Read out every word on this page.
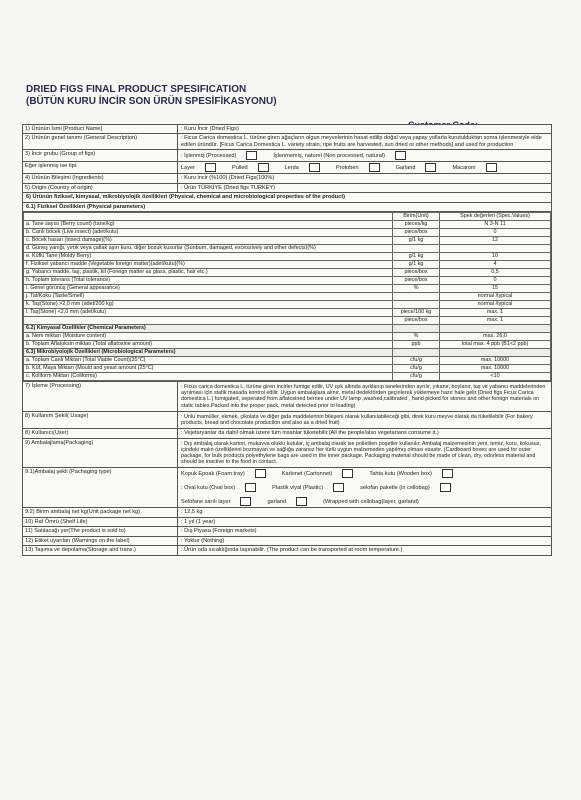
DRIED FIGS FINAL PRODUCT SPESIFICATION
(BÜTÜN KURU İNCİR SON ÜRÜN SPESİFİKASYONU)
1) Ürünün İsmi [Product Name]	: Kuru İncir (Dried Figs)
2) Ürünün genel tanımı (General Description)	: Ficus Carica domestica L. türüne giren ağaçların olgun meyvelerinin hasat edilip doğal veya yapay yollarla kurutulduktan sonra işlenmesiyle elde edilen üründür. [Ficus Carica Domestica L. variety strain, ripe fruits are harvested, sun dried or other methods] and used for production
3) İncir grubu (Group of figs)	: İşlenmiş (Processed)	İşlenmemiş, naturel (Non processed, natural)
Eğer işlenmiş ise tipi:	Layer	Pulled	Lerda	Protoben	Garland	Macaroni
4) Ürünün Bileşimi (Ingredients)	: Kuru incir (%100) (Dried Figs(100%)
5) Origin (Country of origin)	: Ürün TÜRKİYE (Dried figs TURKEY)
6) Ürünün fiziksel, kimyasal, mikrobiyolojik özellikleri (Physical, chemical and microbiological properties of the product)
6.1) Fiziksel Özellikleri (Physical parameters)
	Birim(Unit)	Spek değerleri (Spec.Values)
a. Tane sayısı (Berry count) (tane/kg)	pieces/kg	N 3-N 11
b. Canlı böcek (Live insect) (adet/kutu)	piece/box	0
c. Böcek hasarı (insect damage)(%)	g/1 kg	12
d. Güneş yanığı, yırtık veya çatlak aşırı kuru, diğer bozuk kusurlar (Sunburn, damaged, excessively and other defects)(%)		
e. Küflü Tane (Moldy Berry)	g/1 kg	10
f. Fiziksel yabancı madde (Vegetable foreign matter)(adet/kutu)(%)	g/1 kg	4
g. Yabancı madde, taş, plastik, kil (Foreign matter as glass, plastic, hair etc.)	piece/box	0,5
h. Toplam tolerans (Total tolerance)	piece/box	0
i. Genel görünüş (General appearance)	%	15
j. Tat/Koku (Taste/Smell)		normal /typical
k. Taş(Stone) >2,0 mm (adet/200 kg)		normal /typical
l. Taş(Stone) <2,0 mm (adet/kutu)	piece/100 kg	max. 1
	piece/box	max. 1
6.2) Kimyasal Özellikler (Chemical Parameters)		
a. Nem miktarı (Moisture content)	%	max. 26,0
b. Toplam Aflatoksin miktarı (Total aflatoxine amount)	ppb	total max. 4 ppb (B1<2 ppb)
6.3) Mikrobiyolojik Özellikleri (Microbiological Parameters)		
a. Toplam Canlı Miktarı (Total Viable Count)(35°C)	cfu/g	max. 10000
b. Küf, Maya Miktarı (Mould and yeast amount (25°C)	cfu/g	max. 10000
c. Koliform Miktarı (Coliforms)	cfu/g	<10
7) İşleme (Processing)	: Ficus carica domestica L. türüne giren incirler fumige edilir, UV ışık altında ayıklanıp tanelerinden ayrılır, yıkanır, boylanır, taş ve yabancı maddelerinden ayrılması için statik masada kontrol edilir. Uygun ambalajlara alınır, metal dedektörden geçirilerek yüklemeye hazır hale gelir.(Dried figs Ficus Carica domestica L.) fumigated, seperated from aflatoxined berries under UV lamp ,washed,calibrated , hand picked for stones and other foreign materials on static tables.Packed into the proper pack, metal detected prior to loading)
8) Kullanım Şekli( Usage)	: Unlu mamüller, ekmek, çikolata ve diğer gıda maddelerinin bileşeni olarak kullanılabileceği gibi, direk kuru meyve olarak da tüketilebilir (For bakery products, bread and chocolate production and also as a dried fruit)
8) Kullanıcı(User)	: Vejetaryanlar da dahil olmak üzere tüm insanlar tüketebilir.(All the people/also vegetarians consume it.)
9) Ambalajlama(Packaging)	: Dış ambalaj olarak karton, mukavva oluklu kutular, iç ambalaj olarak ise polietilen poşetler kullanılır. Ambalaj malzemesinin yeni, temiz, kuru, kokusuz, içindeki malın özelliklerini bozmayan ve sağlığa zararsız her türlü uygun malzemeden yapılmış olması esastır. (Cardboard boxes are used for outer package, for bulk products polyethylene bags are used in the inner package. Packaging material should be made of clean, dry, odorless material and should be inactive to the food in contact.
9.1)Ambalaj şekli (Pachaging type)	Kopuk Epoak (Foam tray)	Karlonet (Cartonnet)	Tahta kutu (Wooden box)
: Oval kutu (Oval box)	Plastik viyal (Plastic)	selofan paketle (in cellobag)
Selofane sarılı layer	garland	(Wrapped with cellobag(layer, garland)
9.2) Birim ambalaj net kg(Unit package net kg)	: 12,5 kg
10) Raf Ömrü (Shelf Life)	: 1 yıl (1 year)
11) Satılacağı yer(The product is sold to)	: Dış Piyasa (Foreign markets)
12) Etiket uyarıları (Warnings on the label)	: Yoktur (Nothing)
13) Taşıma ve depolama(Storage and trans.)	: Ürün oda sıcaklığında taşınabilir. (The product can be transported at room temperature.)
